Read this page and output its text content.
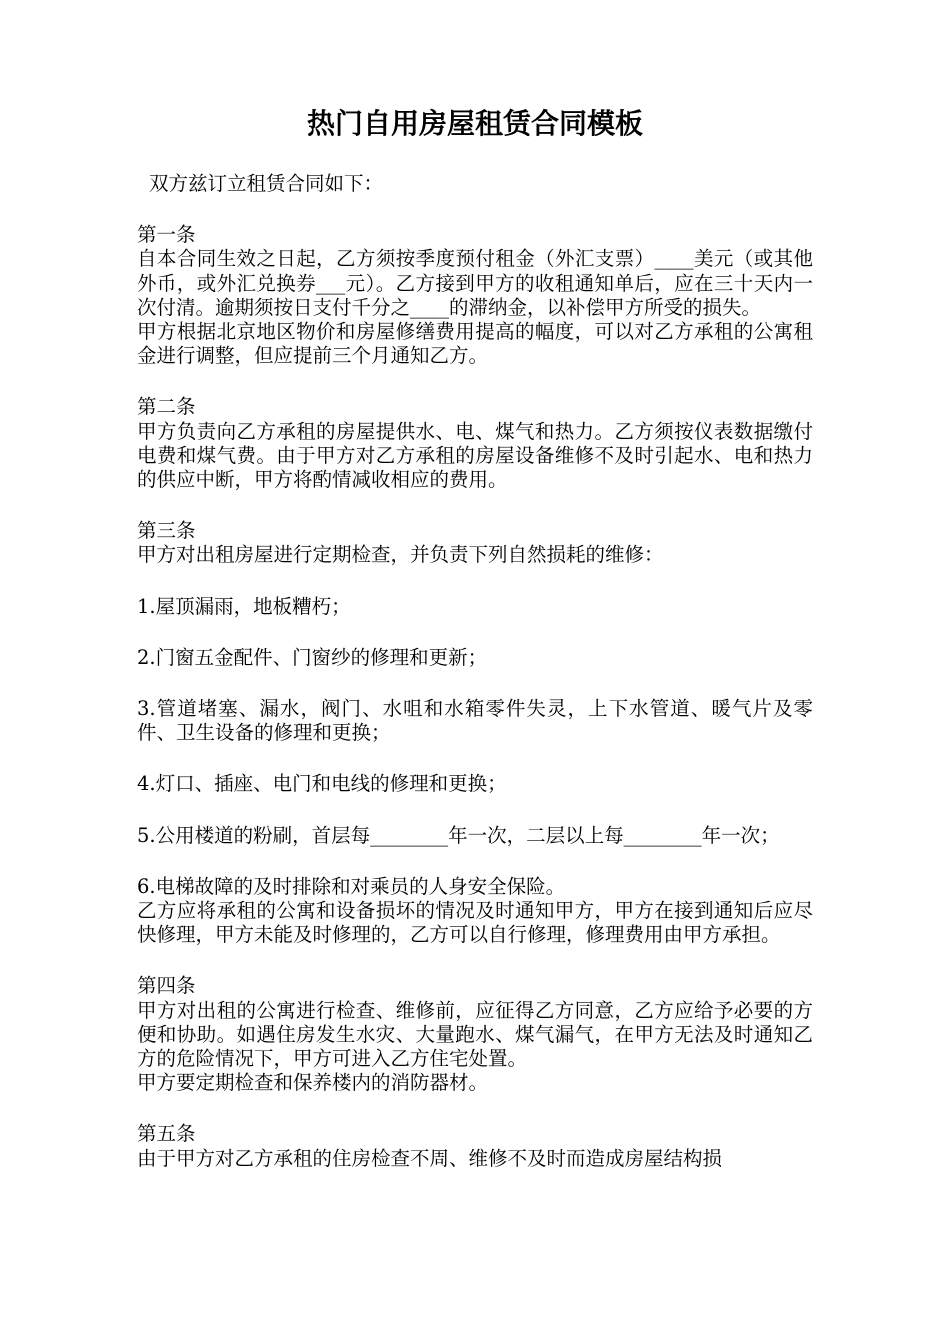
热门自用房屋租赁合同模板

双方兹订立租赁合同如下：

第一条

自本合同生效之日起，乙方须按季度预付租金（外汇支票）____美元（或其他外币，或外汇兑换券___元）。乙方接到甲方的收租通知单后，应在三十天内一次付清。逾期须按日支付千分之____的滞纳金，以补偿甲方所受的损失。

甲方根据北京地区物价和房屋修缮费用提高的幅度，可以对乙方承租的公寓租金进行调整，但应提前三个月通知乙方。

第二条

甲方负责向乙方承租的房屋提供水、电、煤气和热力。乙方须按仪表数据缴付电费和煤气费。由于甲方对乙方承租的房屋设备维修不及时引起水、电和热力的供应中断，甲方将酌情减收相应的费用。

第三条

甲方对出租房屋进行定期检查，并负责下列自然损耗的维修：

1.屋顶漏雨，地板糟朽；

2.门窗五金配件、门窗纱的修理和更新；

3.管道堵塞、漏水，阀门、水咀和水箱零件失灵，上下水管道、暖气片及零件、卫生设备的修理和更换；

4.灯口、插座、电门和电线的修理和更换；

5.公用楼道的粉刷，首层每________年一次，二层以上每________年一次；

6.电梯故障的及时排除和对乘员的人身安全保险。

乙方应将承租的公寓和设备损坏的情况及时通知甲方，甲方在接到通知后应尽快修理，甲方未能及时修理的，乙方可以自行修理，修理费用由甲方承担。

第四条

甲方对出租的公寓进行检查、维修前，应征得乙方同意，乙方应给予必要的方便和协助。如遇住房发生水灾、大量跑水、煤气漏气，在甲方无法及时通知乙方的危险情况下，甲方可进入乙方住宅处置。

甲方要定期检查和保养楼内的消防器材。

第五条

由于甲方对乙方承租的住房检查不周、维修不及时而造成房屋结构损
